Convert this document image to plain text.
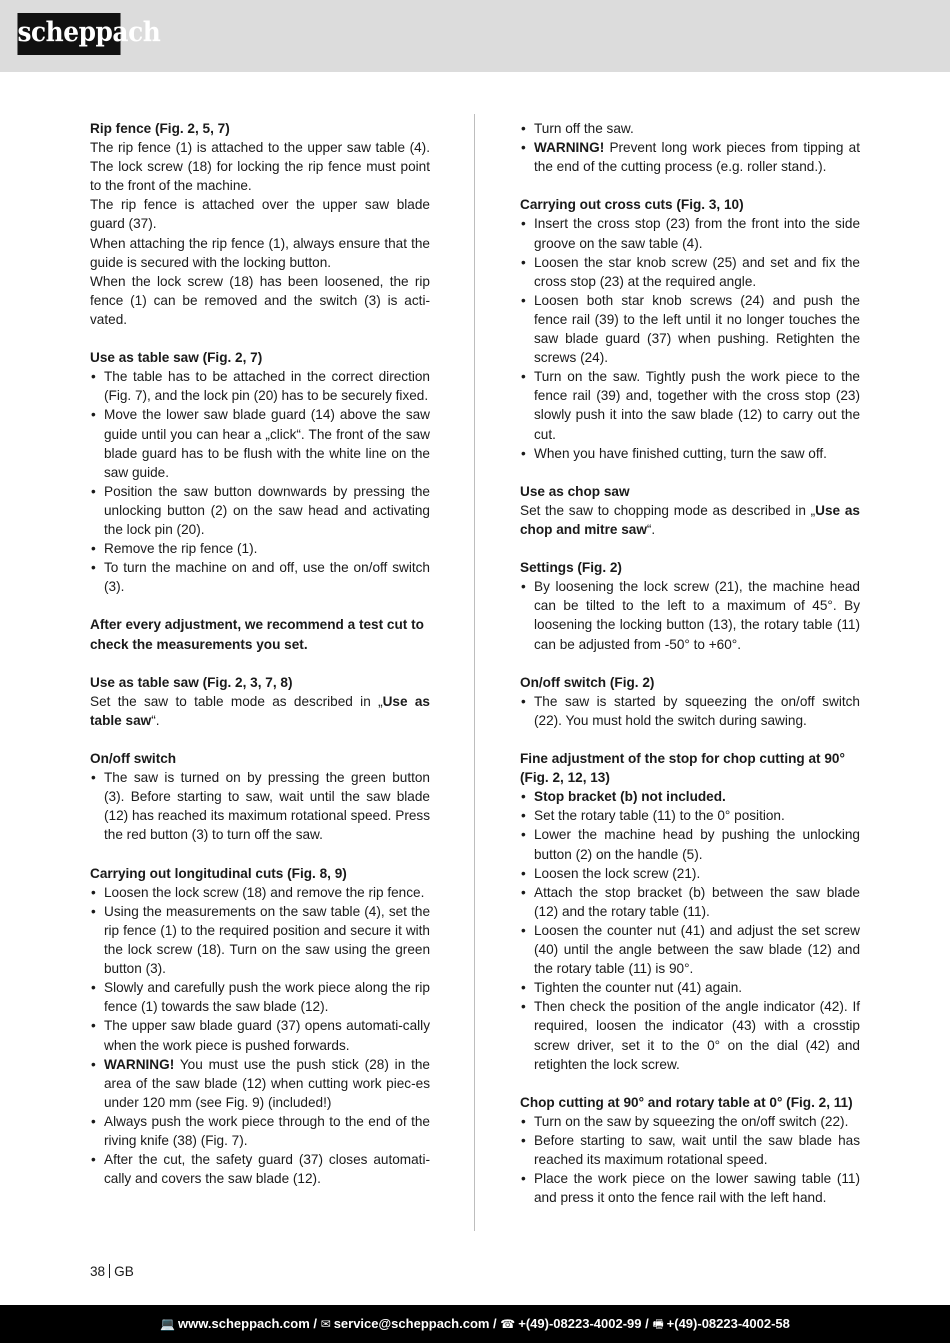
scheppach
Rip fence (Fig. 2, 5, 7)
The rip fence (1) is attached to the upper saw table (4). The lock screw (18) for locking the rip fence must point to the front of the machine.
The rip fence is attached over the upper saw blade guard (37).
When attaching the rip fence (1), always ensure that the guide is secured with the locking button.
When the lock screw (18) has been loosened, the rip fence (1) can be removed and the switch (3) is acti-vated.
Use as table saw (Fig. 2, 7)
• The table has to be attached in the correct direction (Fig. 7), and the lock pin (20) has to be securely fixed.
• Move the lower saw blade guard (14) above the saw guide until you can hear a „click“. The front of the saw blade guard has to be flush with the white line on the saw guide.
• Position the saw button downwards by pressing the unlocking button (2) on the saw head and activating the lock pin (20).
• Remove the rip fence (1).
• To turn the machine on and off, use the on/off switch (3).
After every adjustment, we recommend a test cut to check the measurements you set.
Use as table saw (Fig. 2, 3, 7, 8)
Set the saw to table mode as described in „Use as table saw“.
On/off switch
• The saw is turned on by pressing the green button (3). Before starting to saw, wait until the saw blade (12) has reached its maximum rotational speed. Press the red button (3) to turn off the saw.
Carrying out longitudinal cuts (Fig. 8, 9)
• Loosen the lock screw (18) and remove the rip fence.
• Using the measurements on the saw table (4), set the rip fence (1) to the required position and secure it with the lock screw (18). Turn on the saw using the green button (3).
• Slowly and carefully push the work piece along the rip fence (1) towards the saw blade (12).
• The upper saw blade guard (37) opens automati-cally when the work piece is pushed forwards.
• WARNING! You must use the push stick (28) in the area of the saw blade (12) when cutting work piec-es under 120 mm (see Fig. 9) (included!)
• Always push the work piece through to the end of the riving knife (38) (Fig. 7).
• After the cut, the safety guard (37) closes automati-cally and covers the saw blade (12).
• Turn off the saw.
• WARNING! Prevent long work pieces from tipping at the end of the cutting process (e.g. roller stand.).
Carrying out cross cuts (Fig. 3, 10)
• Insert the cross stop (23) from the front into the side groove on the saw table (4).
• Loosen the star knob screw (25) and set and fix the cross stop (23) at the required angle.
• Loosen both star knob screws (24) and push the fence rail (39) to the left until it no longer touches the saw blade guard (37) when pushing. Retighten the screws (24).
• Turn on the saw. Tightly push the work piece to the fence rail (39) and, together with the cross stop (23) slowly push it into the saw blade (12) to carry out the cut.
• When you have finished cutting, turn the saw off.
Use as chop saw
Set the saw to chopping mode as described in „Use as chop and mitre saw“.
Settings (Fig. 2)
• By loosening the lock screw (21), the machine head can be tilted to the left to a maximum of 45°. By loosening the locking button (13), the rotary table (11) can be adjusted from -50° to +60°.
On/off switch (Fig. 2)
• The saw is started by squeezing the on/off switch (22). You must hold the switch during sawing.
Fine adjustment of the stop for chop cutting at 90° (Fig. 2, 12, 13)
• Stop bracket (b) not included.
• Set the rotary table (11) to the 0° position.
• Lower the machine head by pushing the unlocking button (2) on the handle (5).
• Loosen the lock screw (21).
• Attach the stop bracket (b) between the saw blade (12) and the rotary table (11).
• Loosen the counter nut (41) and adjust the set screw (40) until the angle between the saw blade (12) and the rotary table (11) is 90°.
• Tighten the counter nut (41) again.
• Then check the position of the angle indicator (42). If required, loosen the indicator (43) with a crosstip screw driver, set it to the 0° on the dial (42) and retighten the lock screw.
Chop cutting at 90° and rotary table at 0° (Fig. 2, 11)
• Turn on the saw by squeezing the on/off switch (22).
• Before starting to saw, wait until the saw blade has reached its maximum rotational speed.
• Place the work piece on the lower sawing table (11) and press it onto the fence rail with the left hand.
38 GB
💻 www.scheppach.com / ✉ service@scheppach.com / ☎ +(49)-08223-4002-99 / 🖷 +(49)-08223-4002-58
